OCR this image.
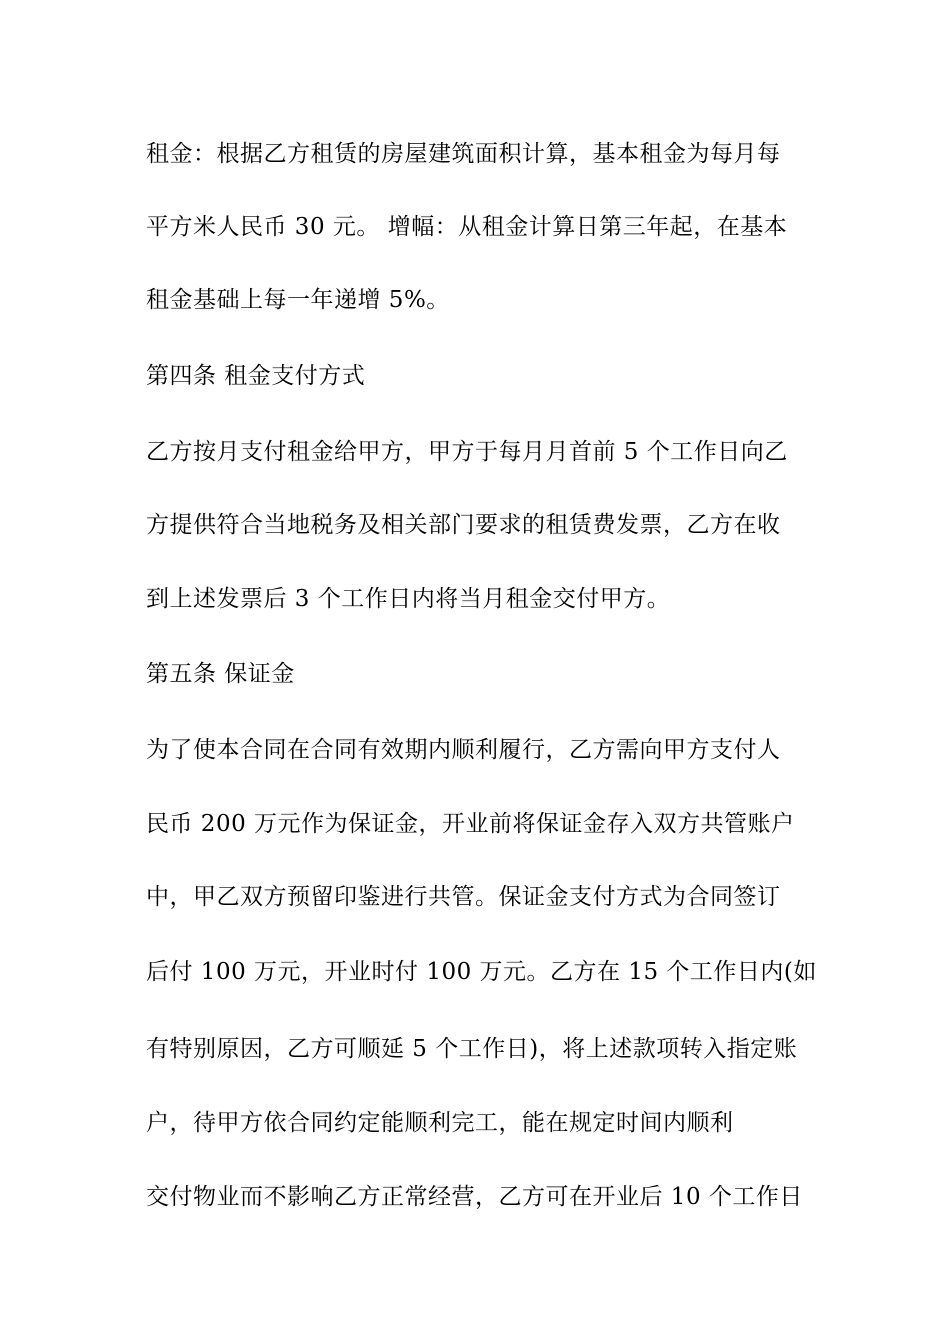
租金：根据乙方租赁的房屋建筑面积计算，基本租金为每月每
平方米人民币 30 元。 增幅：从租金计算日第三年起，在基本
租金基础上每一年递增 5%。
第四条 租金支付方式
乙方按月支付租金给甲方，甲方于每月月首前 5 个工作日向乙
方提供符合当地税务及相关部门要求的租赁费发票，乙方在收
到上述发票后 3 个工作日内将当月租金交付甲方。
第五条 保证金
为了使本合同在合同有效期内顺利履行，乙方需向甲方支付人
民币 200 万元作为保证金，开业前将保证金存入双方共管账户
中，甲乙双方预留印鉴进行共管。保证金支付方式为合同签订
后付 100 万元，开业时付 100 万元。乙方在 15 个工作日内(如
有特别原因，乙方可顺延 5 个工作日)，将上述款项转入指定账
户，待甲方依合同约定能顺利完工，能在规定时间内顺利
交付物业而不影响乙方正常经营，乙方可在开业后 10 个工作日
